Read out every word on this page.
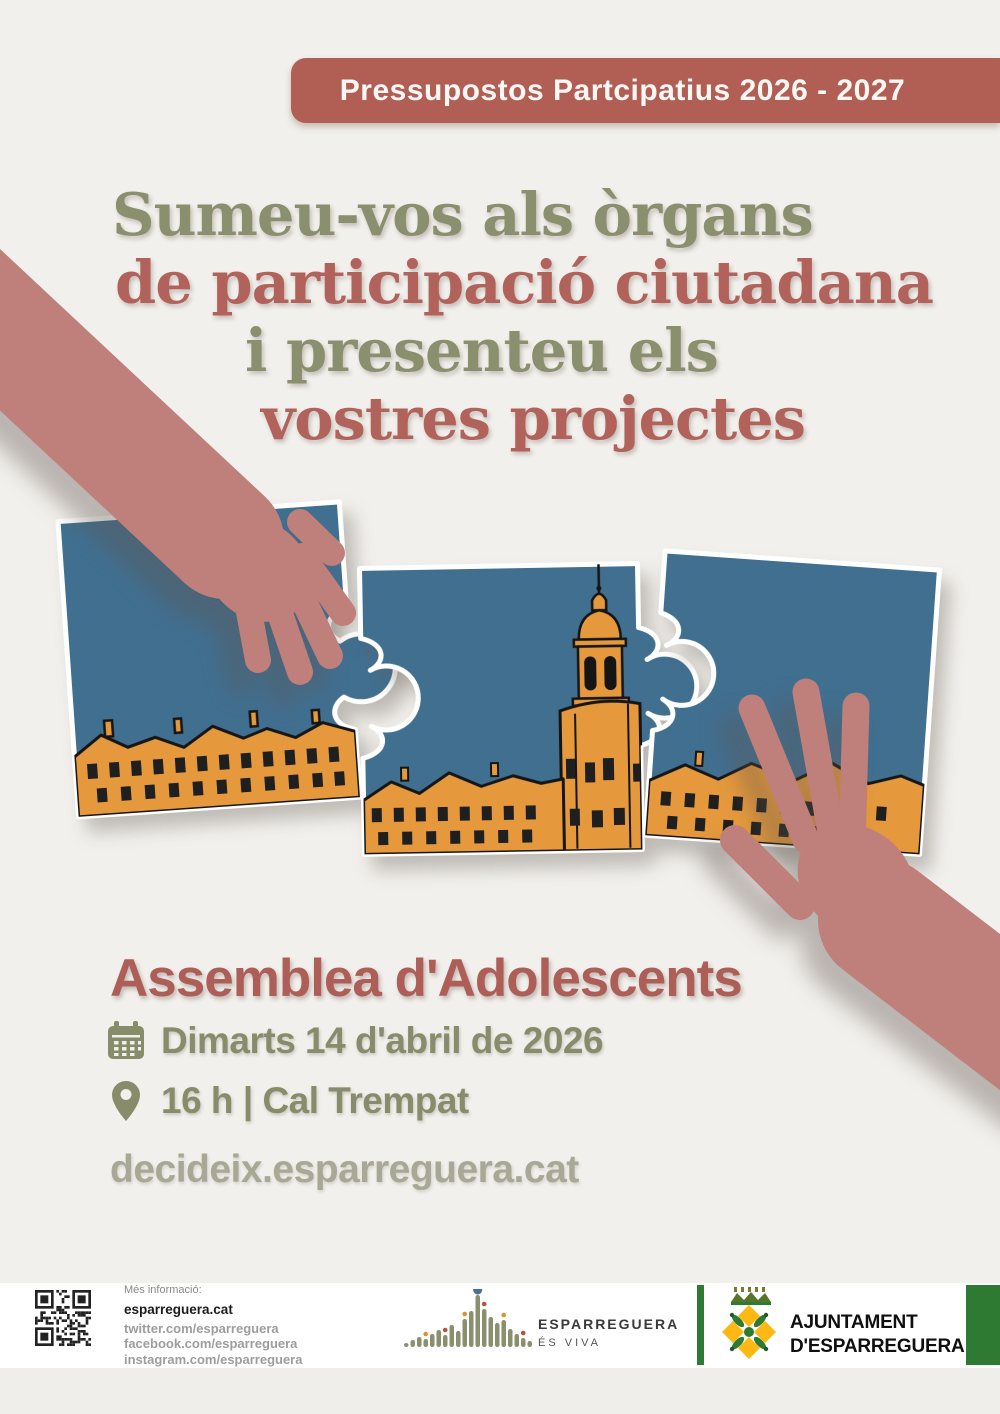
Pressupostos Partcipatius 2026 - 2027
Sumeu-vos als òrgans
de participació ciutadana
i presenteu els
vostres projectes
Assemblea d'Adolescents
Dimarts 14 d'abril de 2026
16 h | Cal Trempat
decideix.esparreguera.cat
Més informació:
esparreguera.cat
twitter.com/esparreguera
facebook.com/esparreguera
instagram.com/esparreguera
ESPARREGUERA
ÉS VIVA
AJUNTAMENT
D'ESPARREGUERA
